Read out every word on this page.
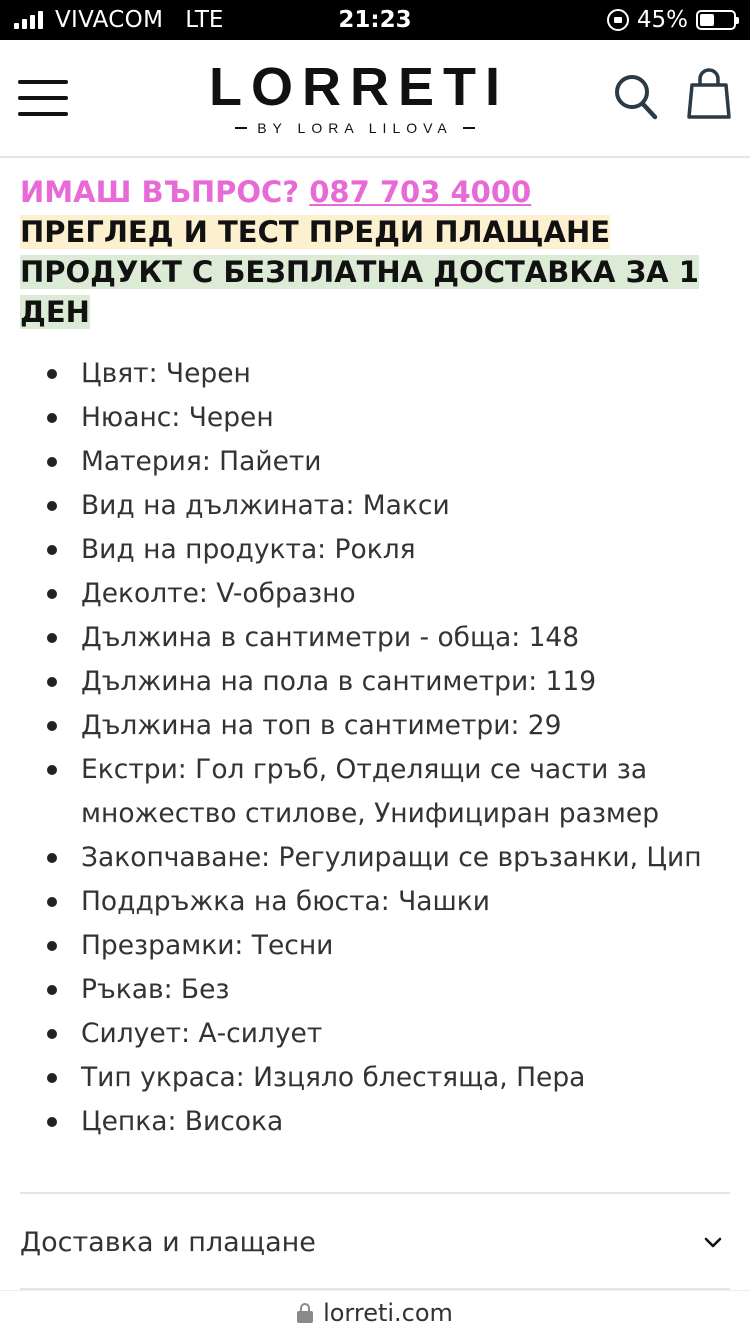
VIVACOM LTE	21:23	45%
LORRETI
BY LORA LILOVA
ИМАШ ВЪПРОС? 087 703 4000
ПРЕГЛЕД И ТЕСТ ПРЕДИ ПЛАЩАНЕ
ПРОДУКТ С БЕЗПЛАТНА ДОСТАВКА ЗА 1 ДЕН
Цвят: Черен
Нюанс: Черен
Материя: Пайети
Вид на дължината: Макси
Вид на продукта: Рокля
Деколте: V-образно
Дължина в сантиметри - обща: 148
Дължина на пола в сантиметри: 119
Дължина на топ в сантиметри: 29
Екстри: Гол гръб, Отделящи се части за множество стилове, Унифициран размер
Закопчаване: Регулиращи се връзанки, Цип
Поддръжка на бюста: Чашки
Презрамки: Тесни
Ръкав: Без
Силует: А-силует
Тип украса: Изцяло блестяща, Пера
Цепка: Висока
Доставка и плащане
lorreti.com
